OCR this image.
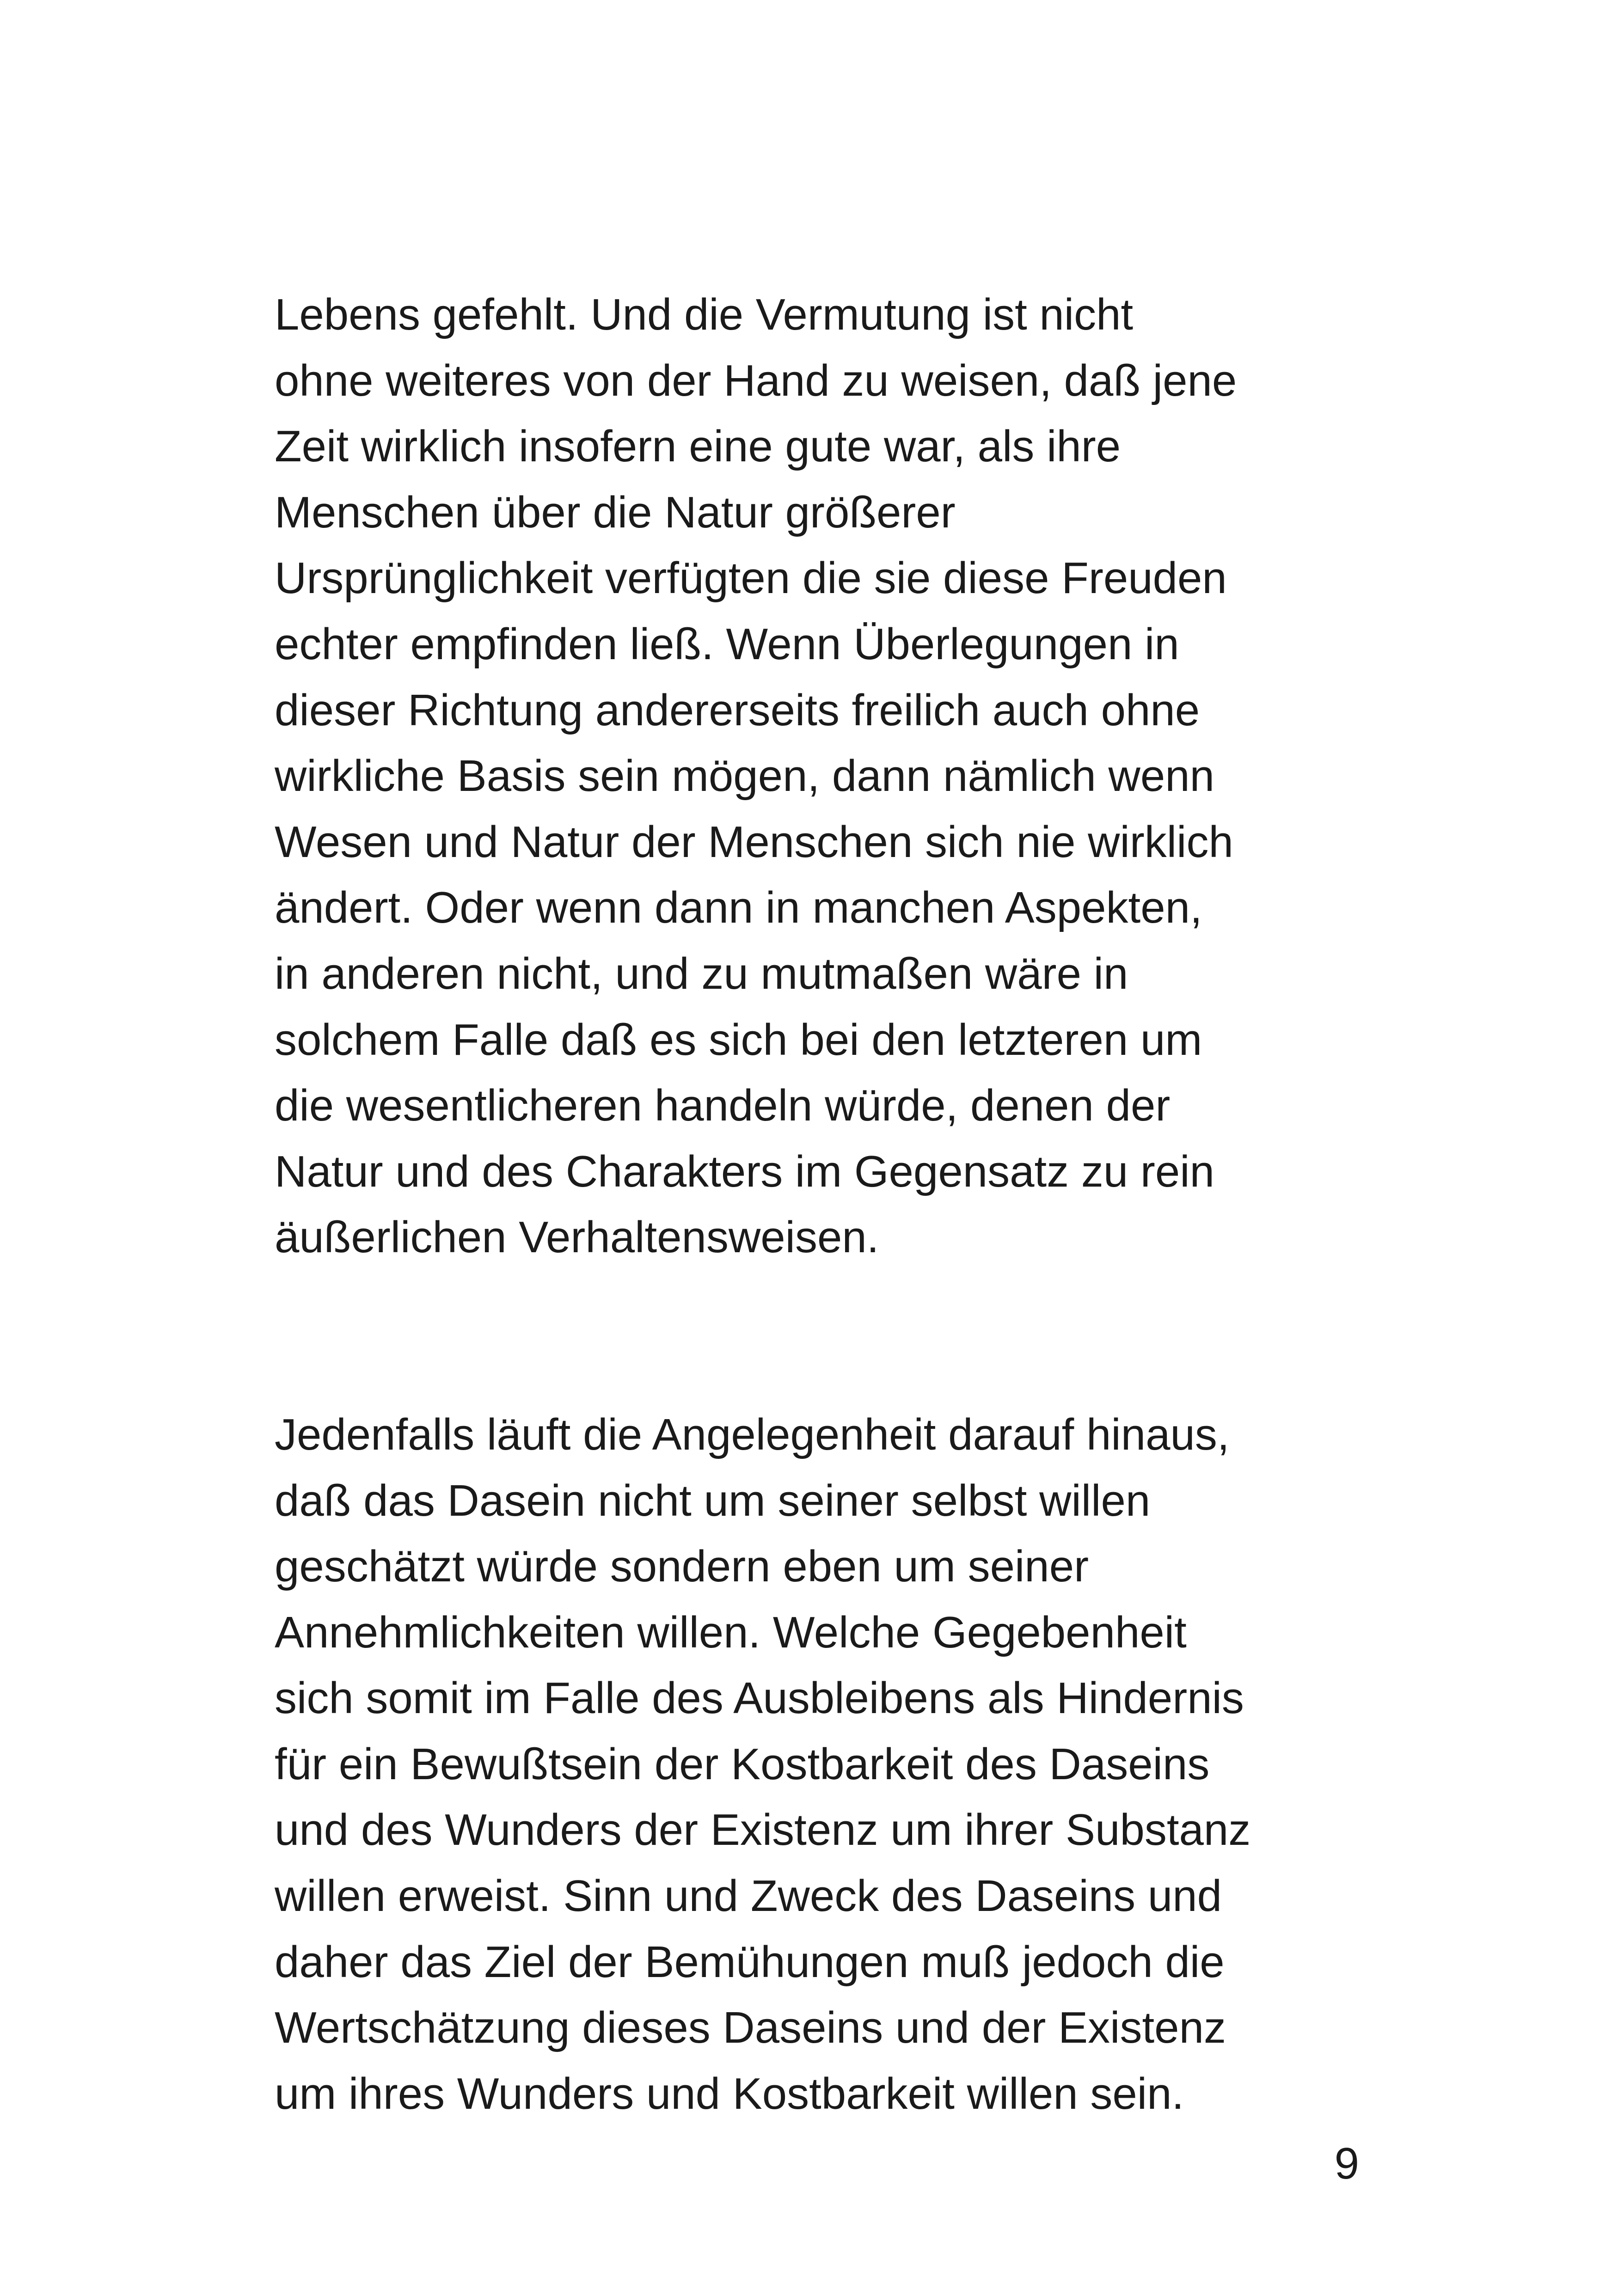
Lebens gefehlt. Und die Vermutung ist nicht
ohne weiteres von der Hand zu weisen, daß jene
Zeit wirklich insofern eine gute war, als ihre
Menschen über die Natur größerer
Ursprünglichkeit verfügten die sie diese Freuden
echter empfinden ließ. Wenn Überlegungen in
dieser Richtung andererseits freilich auch ohne
wirkliche Basis sein mögen, dann nämlich wenn
Wesen und Natur der Menschen sich nie wirklich
ändert. Oder wenn dann in manchen Aspekten,
in anderen nicht, und zu mutmaßen wäre in
solchem Falle daß es sich bei den letzteren um
die wesentlicheren handeln würde, denen der
Natur und des Charakters im Gegensatz zu rein
äußerlichen Verhaltensweisen.
Jedenfalls läuft die Angelegenheit darauf hinaus,
daß das Dasein nicht um seiner selbst willen
geschätzt würde sondern eben um seiner
Annehmlichkeiten willen. Welche Gegebenheit
sich somit im Falle des Ausbleibens als Hindernis
für ein Bewußtsein der Kostbarkeit des Daseins
und des Wunders der Existenz um ihrer Substanz
willen erweist. Sinn und Zweck des Daseins und
daher das Ziel der Bemühungen muß jedoch die
Wertschätzung dieses Daseins und der Existenz
um ihres Wunders und Kostbarkeit willen sein.
9
